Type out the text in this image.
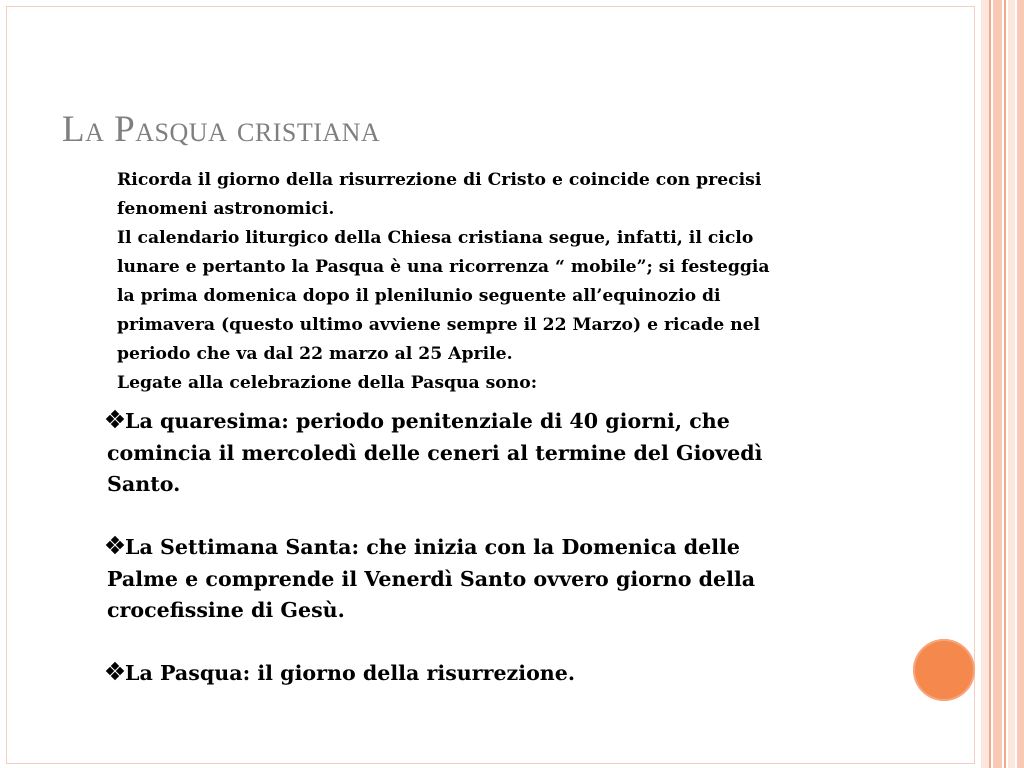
La Pasqua cristiana
Ricorda il giorno della risurrezione di Cristo e coincide con precisi
fenomeni astronomici.
Il calendario liturgico della Chiesa cristiana segue, infatti, il ciclo
lunare e pertanto la Pasqua è una ricorrenza “ mobile”; si festeggia
la prima domenica dopo il plenilunio seguente all’equinozio di
primavera (questo ultimo avviene sempre il 22 Marzo) e ricade nel
periodo che va dal 22 marzo al 25 Aprile.
Legate alla celebrazione della Pasqua sono:
La quaresima: periodo penitenziale di 40 giorni, che
comincia il mercoledì delle ceneri al termine del Giovedì
Santo.
La Settimana Santa: che inizia con la Domenica delle
Palme e comprende il Venerdì Santo ovvero giorno della
crocefissine di Gesù.
La Pasqua: il giorno della risurrezione.
